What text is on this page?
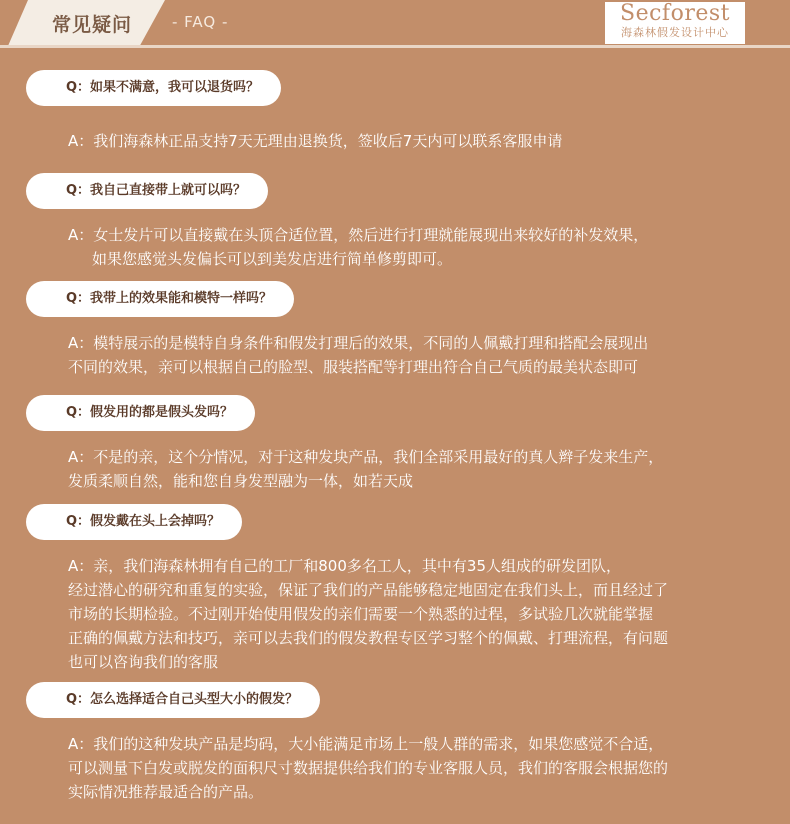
常见疑问	- FAQ -	Secforest
海森林假发设计中心
Q：如果不满意，我可以退货吗？

A：我们海森林正品支持7天无理由退换货，签收后7天内可以联系客服申请

Q：我自己直接带上就可以吗？

A：女士发片可以直接戴在头顶合适位置，然后进行打理就能展现出来较好的补发效果，

如果您感觉头发偏长可以到美发店进行简单修剪即可。

Q：我带上的效果能和模特一样吗？

A：模特展示的是模特自身条件和假发打理后的效果，不同的人佩戴打理和搭配会展现出

不同的效果，亲可以根据自己的脸型、服装搭配等打理出符合自己气质的最美状态即可

Q：假发用的都是假头发吗？

A：不是的亲，这个分情况，对于这种发块产品，我们全部采用最好的真人辫子发来生产，

发质柔顺自然，能和您自身发型融为一体，如若天成

Q：假发戴在头上会掉吗？

A：亲，我们海森林拥有自己的工厂和800多名工人，其中有35人组成的研发团队，

经过潜心的研究和重复的实验，保证了我们的产品能够稳定地固定在我们头上，而且经过了

市场的长期检验。不过刚开始使用假发的亲们需要一个熟悉的过程，多试验几次就能掌握

正确的佩戴方法和技巧，亲可以去我们的假发教程专区学习整个的佩戴、打理流程，有问题

也可以咨询我们的客服

Q：怎么选择适合自己头型大小的假发？

A：我们的这种发块产品是均码，大小能满足市场上一般人群的需求，如果您感觉不合适，

可以测量下白发或脱发的面积尺寸数据提供给我们的专业客服人员，我们的客服会根据您的

实际情况推荐最适合的产品。
